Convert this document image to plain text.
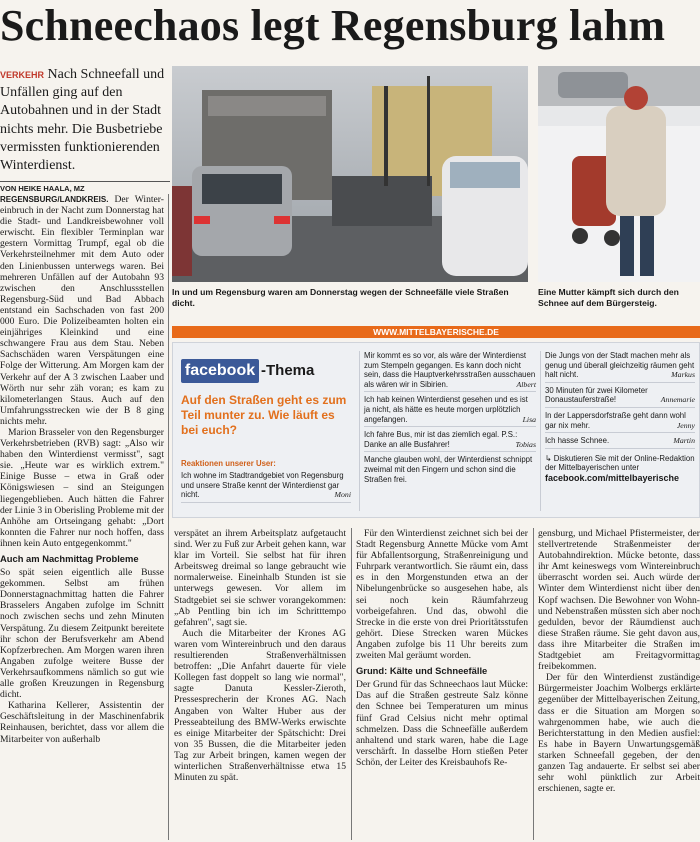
Schneechaos legt Regensburg lahm
VERKEHR Nach Schneefall und Unfällen ging auf den Autobahnen und in der Stadt nichts mehr. Die Busbetriebe vermissten funktionierenden Winterdienst.
VON HEIKE HAALA, MZ

REGENSBURG/LANDKREIS. Der Winter-einbruch in der Nacht zum Donnerstag hat die Stadt- und Landkreisbewohner voll erwischt. Ein flexibler Terminplan war gestern Vormittag Trumpf, egal ob die Verkehrsteilnehmer mit dem Auto oder den Linienbussen unterwegs waren. Bei mehreren Unfällen auf der Autobahn 93 zwischen den Anschlussstellen Regensburg-Süd und Bad Abbach entstand ein Sachschaden von fast 200 000 Euro. Die Polizeibeamten holten ein einjähriges Kleinkind und eine schwangere Frau aus dem Stau. Neben Sachschäden waren Verspätungen eine Folge der Witterung. Am Morgen kam der Verkehr auf der A 3 zwischen Laaber und Wörth nur sehr zäh voran; es kam zu kilometerlangen Staus. Auch auf den Umfahrungsstrecken wie der B 8 ging nichts mehr.

Marion Brasseler von den Regensburger Verkehrsbetrieben (RVB) sagt: „Also wir haben den Winterdienst vermisst", sagt sie. „Heute war es wirklich extrem." Einige Busse – etwa in Graß oder Königswiesen – sind an Steigungen liegengeblieben. Auch hätten die Fahrer der Linie 3 in Oberisling Probleme mit der Anhöhe am Ortseingang gehabt: „Dort konnten die Fahrer nur noch hoffen, dass ihnen kein Auto entgegenkommt."

Auch am Nachmittag Probleme

So spät seien eigentlich alle Busse gekommen. Selbst am frühen Donnerstagnachmittag hatten die Fahrer Brasselers Angaben zufolge im Schnitt noch zwischen sechs und zehn Minuten Verspätung. Zu diesem Zeitpunkt bereitete ihr schon der Berufsverkehr am Abend Kopfzerbrechen. Am Morgen waren ihren Angaben zufolge weitere Busse der Verkehrsaufkommens nämlich so gut wie alle großen Kreuzungen in Regensburg dicht.

Katharina Kellerer, Assistentin der Geschäftsleitung in der Maschinenfabrik Reinhausen, berichtet, dass vor allem die Mitarbeiter von außerhalb

In und um Regensburg waren am Donnerstag wegen der Schneefälle viele Straßen dicht.
Eine Mutter kämpft sich durch den Schnee auf dem Bürgersteig.
WWW.MITTELBAYERISCHE.DE
facebook -Thema
Auf den Straßen geht es zum Teil munter zu. Wie läuft es bei euch?
Reaktionen unserer User:
Ich wohne im Stadtrandgebiet von Regensburg und unsere Straße kennt der Winterdienst gar nicht.	Moni
Mir kommt es so vor, als wäre der Winterdienst zum Stempeln gegangen. Es kann doch nicht sein, dass die Hauptverkehrsstraßen ausschauen als wären wir in Sibirien.	Albert
Ich hab keinen Winterdienst gesehen und es ist ja nicht, als hätte es heute morgen urplötzlich angefangen.	Lisa
Ich fahre Bus, mir ist das ziemlich egal. P.S.: Danke an alle Busfahrer!	Tobias
Manche glauben wohl, der Winterdienst schnippt zweimal mit den Fingern und schon sind die Straßen frei.
Die Jungs von der Stadt machen mehr als genug und überall gleichzeitig räumen geht halt nicht.	Markus
30 Minuten für zwei Kilometer Donaustauferstraße!	Annemarie
In der Lappersdorfstraße geht dann wohl gar nix mehr.	Jenny
Ich hasse Schnee.	Martin
↳ Diskutieren Sie mit der Online-Redaktion der Mittelbayerischen unter
facebook.com/mittelbayerische

verspätet an ihrem Arbeitsplatz aufgetaucht sind. Wer zu Fuß zur Arbeit gehen kann, war klar im Vorteil. Sie selbst hat für ihren Arbeitsweg dreimal so lange gebraucht wie normalerweise. Eineinhalb Stunden ist sie unterwegs gewesen. Vor allem im Stadtgebiet sei sie schwer vorangekommen: „Ab Pentling bin ich im Schritttempo gefahren", sagt sie.

Auch die Mitarbeiter der Krones AG waren vom Wintereinbruch und den daraus resultierenden Straßenverhältnissen betroffen: „Die Anfahrt dauerte für viele Kollegen fast doppelt so lang wie normal", sagte Danuta Kessler-Zieroth, Pressesprecherin der Krones AG. Nach Angaben von Walter Huber aus der Presseabteilung des BMW-Werks erwischte es einige Mitarbeiter der Spätschicht: Drei von 35 Bussen, die die Mitarbeiter jeden Tag zur Arbeit bringen, kamen wegen der winterlichen Straßenverhältnisse etwa 15 Minuten zu spät.

Für den Winterdienst zeichnet sich bei der Stadt Regensburg Annette Mücke vom Amt für Abfallentsorgung, Straßenreinigung und Fuhrpark verantwortlich. Sie räumt ein, dass es in den Morgenstunden etwa an der Nibelungenbrücke so ausgesehen habe, als sei noch kein Räumfahrzeug vorbeigefahren. Und das, obwohl die Strecke in die erste von drei Prioritätsstufen gehört. Diese Strecken waren Mückes Angaben zufolge bis 11 Uhr bereits zum zweiten Mal geräumt worden.

Grund: Kälte und Schneefälle

Der Grund für das Schneechaos laut Mücke: Das auf die Straßen gestreute Salz könne den Schnee bei Temperaturen um minus fünf Grad Celsius nicht mehr optimal schmelzen. Dass die Schneefälle außerdem anhaltend und stark waren, habe die Lage verschärft. In dasselbe Horn stießen Peter Schön, der Leiter des Kreisbauhofs Re-

gensburg, und Michael Pfistermeister, der stellvertretende Straßenmeister der Autobahndirektion. Mücke betonte, dass ihr Amt keineswegs vom Wintereinbruch überrascht worden sei. Auch würde der Winter dem Winterdienst nicht über den Kopf wachsen. Die Bewohner von Wohn- und Nebenstraßen müssten sich aber noch gedulden, bevor der Räumdienst auch diese Straßen räume. Sie geht davon aus, dass ihre Mitarbeiter die Straßen im Stadtgebiet am Freitagvormittag freibekommen.

Der für den Winterdienst zuständige Bürgermeister Joachim Wolbergs erklärte gegenüber der Mittelbayerischen Zeitung, dass er die Situation am Morgen so wahrgenommen habe, wie auch die Berichterstattung in den Medien ausfiel: Es habe in Bayern Unwartungsgemäß starken Schneefall gegeben, der den ganzen Tag andauerte. Er selbst sei aber sehr wohl pünktlich zur Arbeit erschienen, sagte er.
